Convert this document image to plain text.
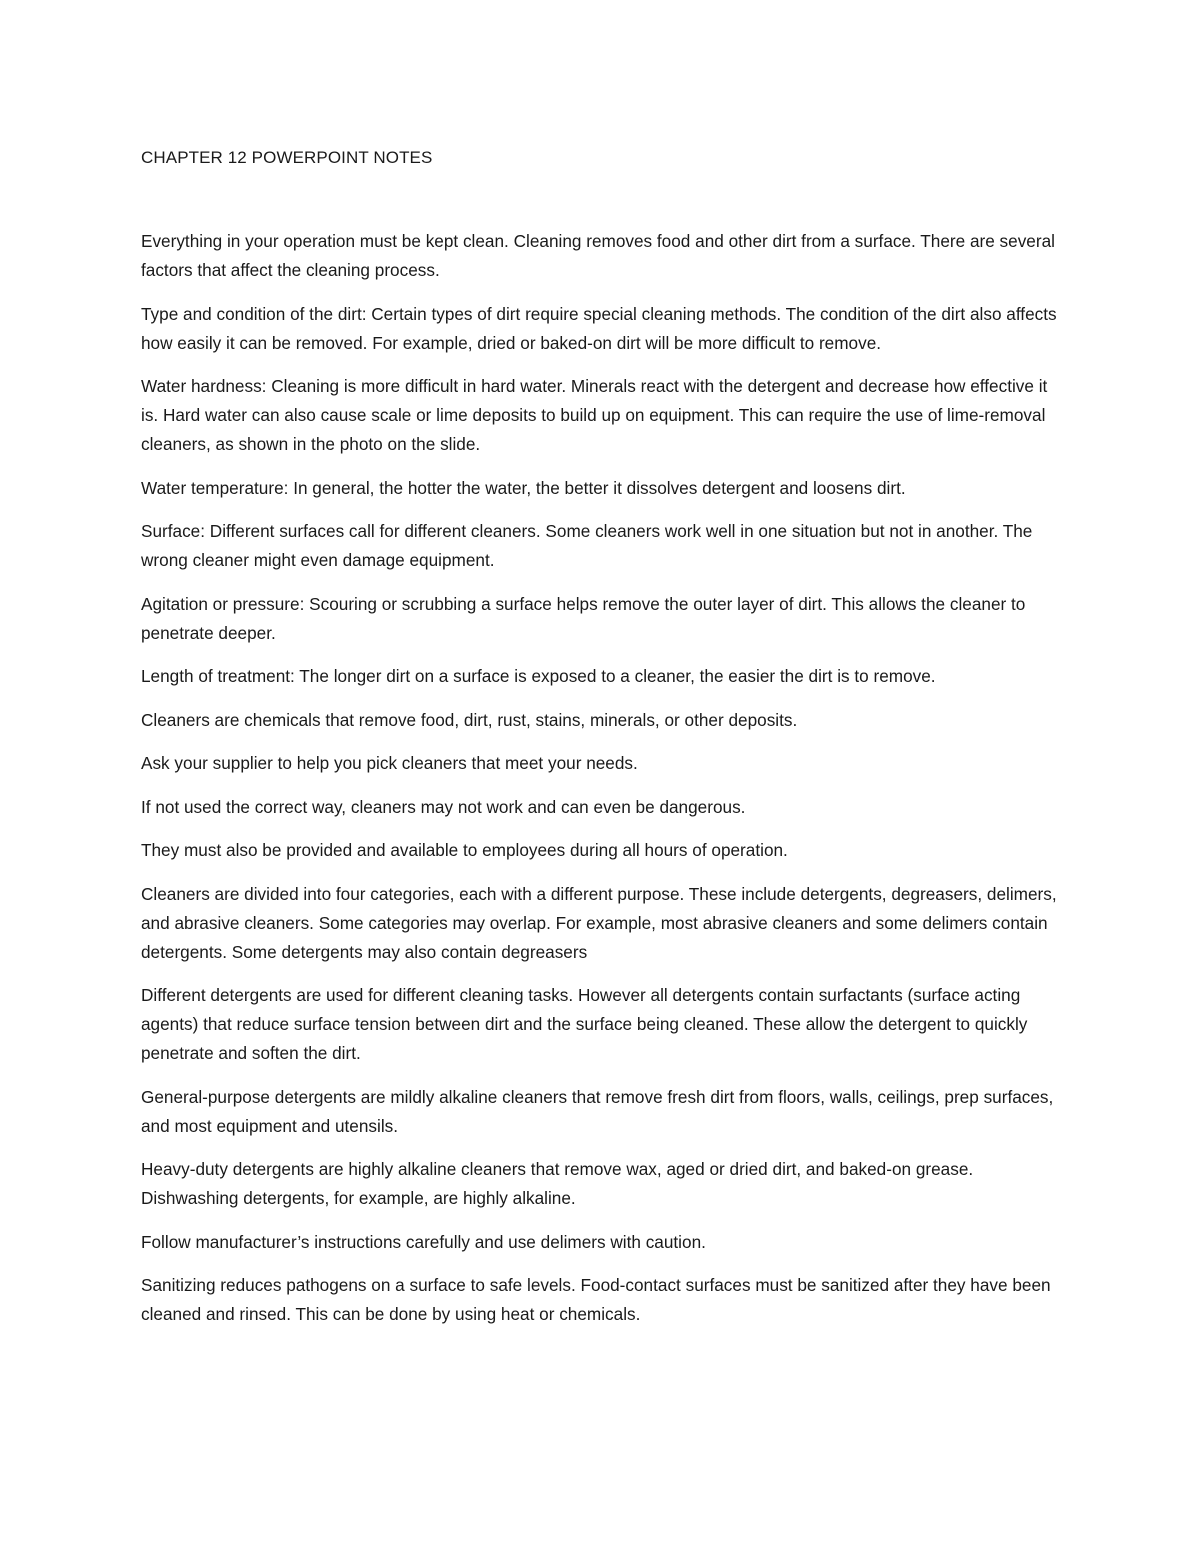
CHAPTER 12 POWERPOINT NOTES

Everything in your operation must be kept clean. Cleaning removes food and other dirt from a surface. There are several factors that affect the cleaning process.

Type and condition of the dirt: Certain types of dirt require special cleaning methods. The condition of the dirt also affects how easily it can be removed. For example, dried or baked-on dirt will be more difficult to remove.

Water hardness: Cleaning is more difficult in hard water. Minerals react with the detergent and decrease how effective it is. Hard water can also cause scale or lime deposits to build up on equipment. This can require the use of lime-removal cleaners, as shown in the photo on the slide.

Water temperature: In general, the hotter the water, the better it dissolves detergent and loosens dirt.

Surface: Different surfaces call for different cleaners. Some cleaners work well in one situation but not in another. The wrong cleaner might even damage equipment.

Agitation or pressure: Scouring or scrubbing a surface helps remove the outer layer of dirt. This allows the cleaner to penetrate deeper.

Length of treatment: The longer dirt on a surface is exposed to a cleaner, the easier the dirt is to remove.

Cleaners are chemicals that remove food, dirt, rust, stains, minerals, or other deposits.

Ask your supplier to help you pick cleaners that meet your needs.

If not used the correct way, cleaners may not work and can even be dangerous.

They must also be provided and available to employees during all hours of operation.

Cleaners are divided into four categories, each with a different purpose. These include detergents, degreasers, delimers, and abrasive cleaners. Some categories may overlap. For example, most abrasive cleaners and some delimers contain detergents. Some detergents may also contain degreasers

Different detergents are used for different cleaning tasks. However all detergents contain surfactants (surface acting agents) that reduce surface tension between dirt and the surface being cleaned. These allow the detergent to quickly penetrate and soften the dirt.

General-purpose detergents are mildly alkaline cleaners that remove fresh dirt from floors, walls, ceilings, prep surfaces, and most equipment and utensils.

Heavy-duty detergents are highly alkaline cleaners that remove wax, aged or dried dirt, and baked-on grease. Dishwashing detergents, for example, are highly alkaline.

Follow manufacturer’s instructions carefully and use delimers with caution.

Sanitizing reduces pathogens on a surface to safe levels. Food-contact surfaces must be sanitized after they have been cleaned and rinsed. This can be done by using heat or chemicals.
